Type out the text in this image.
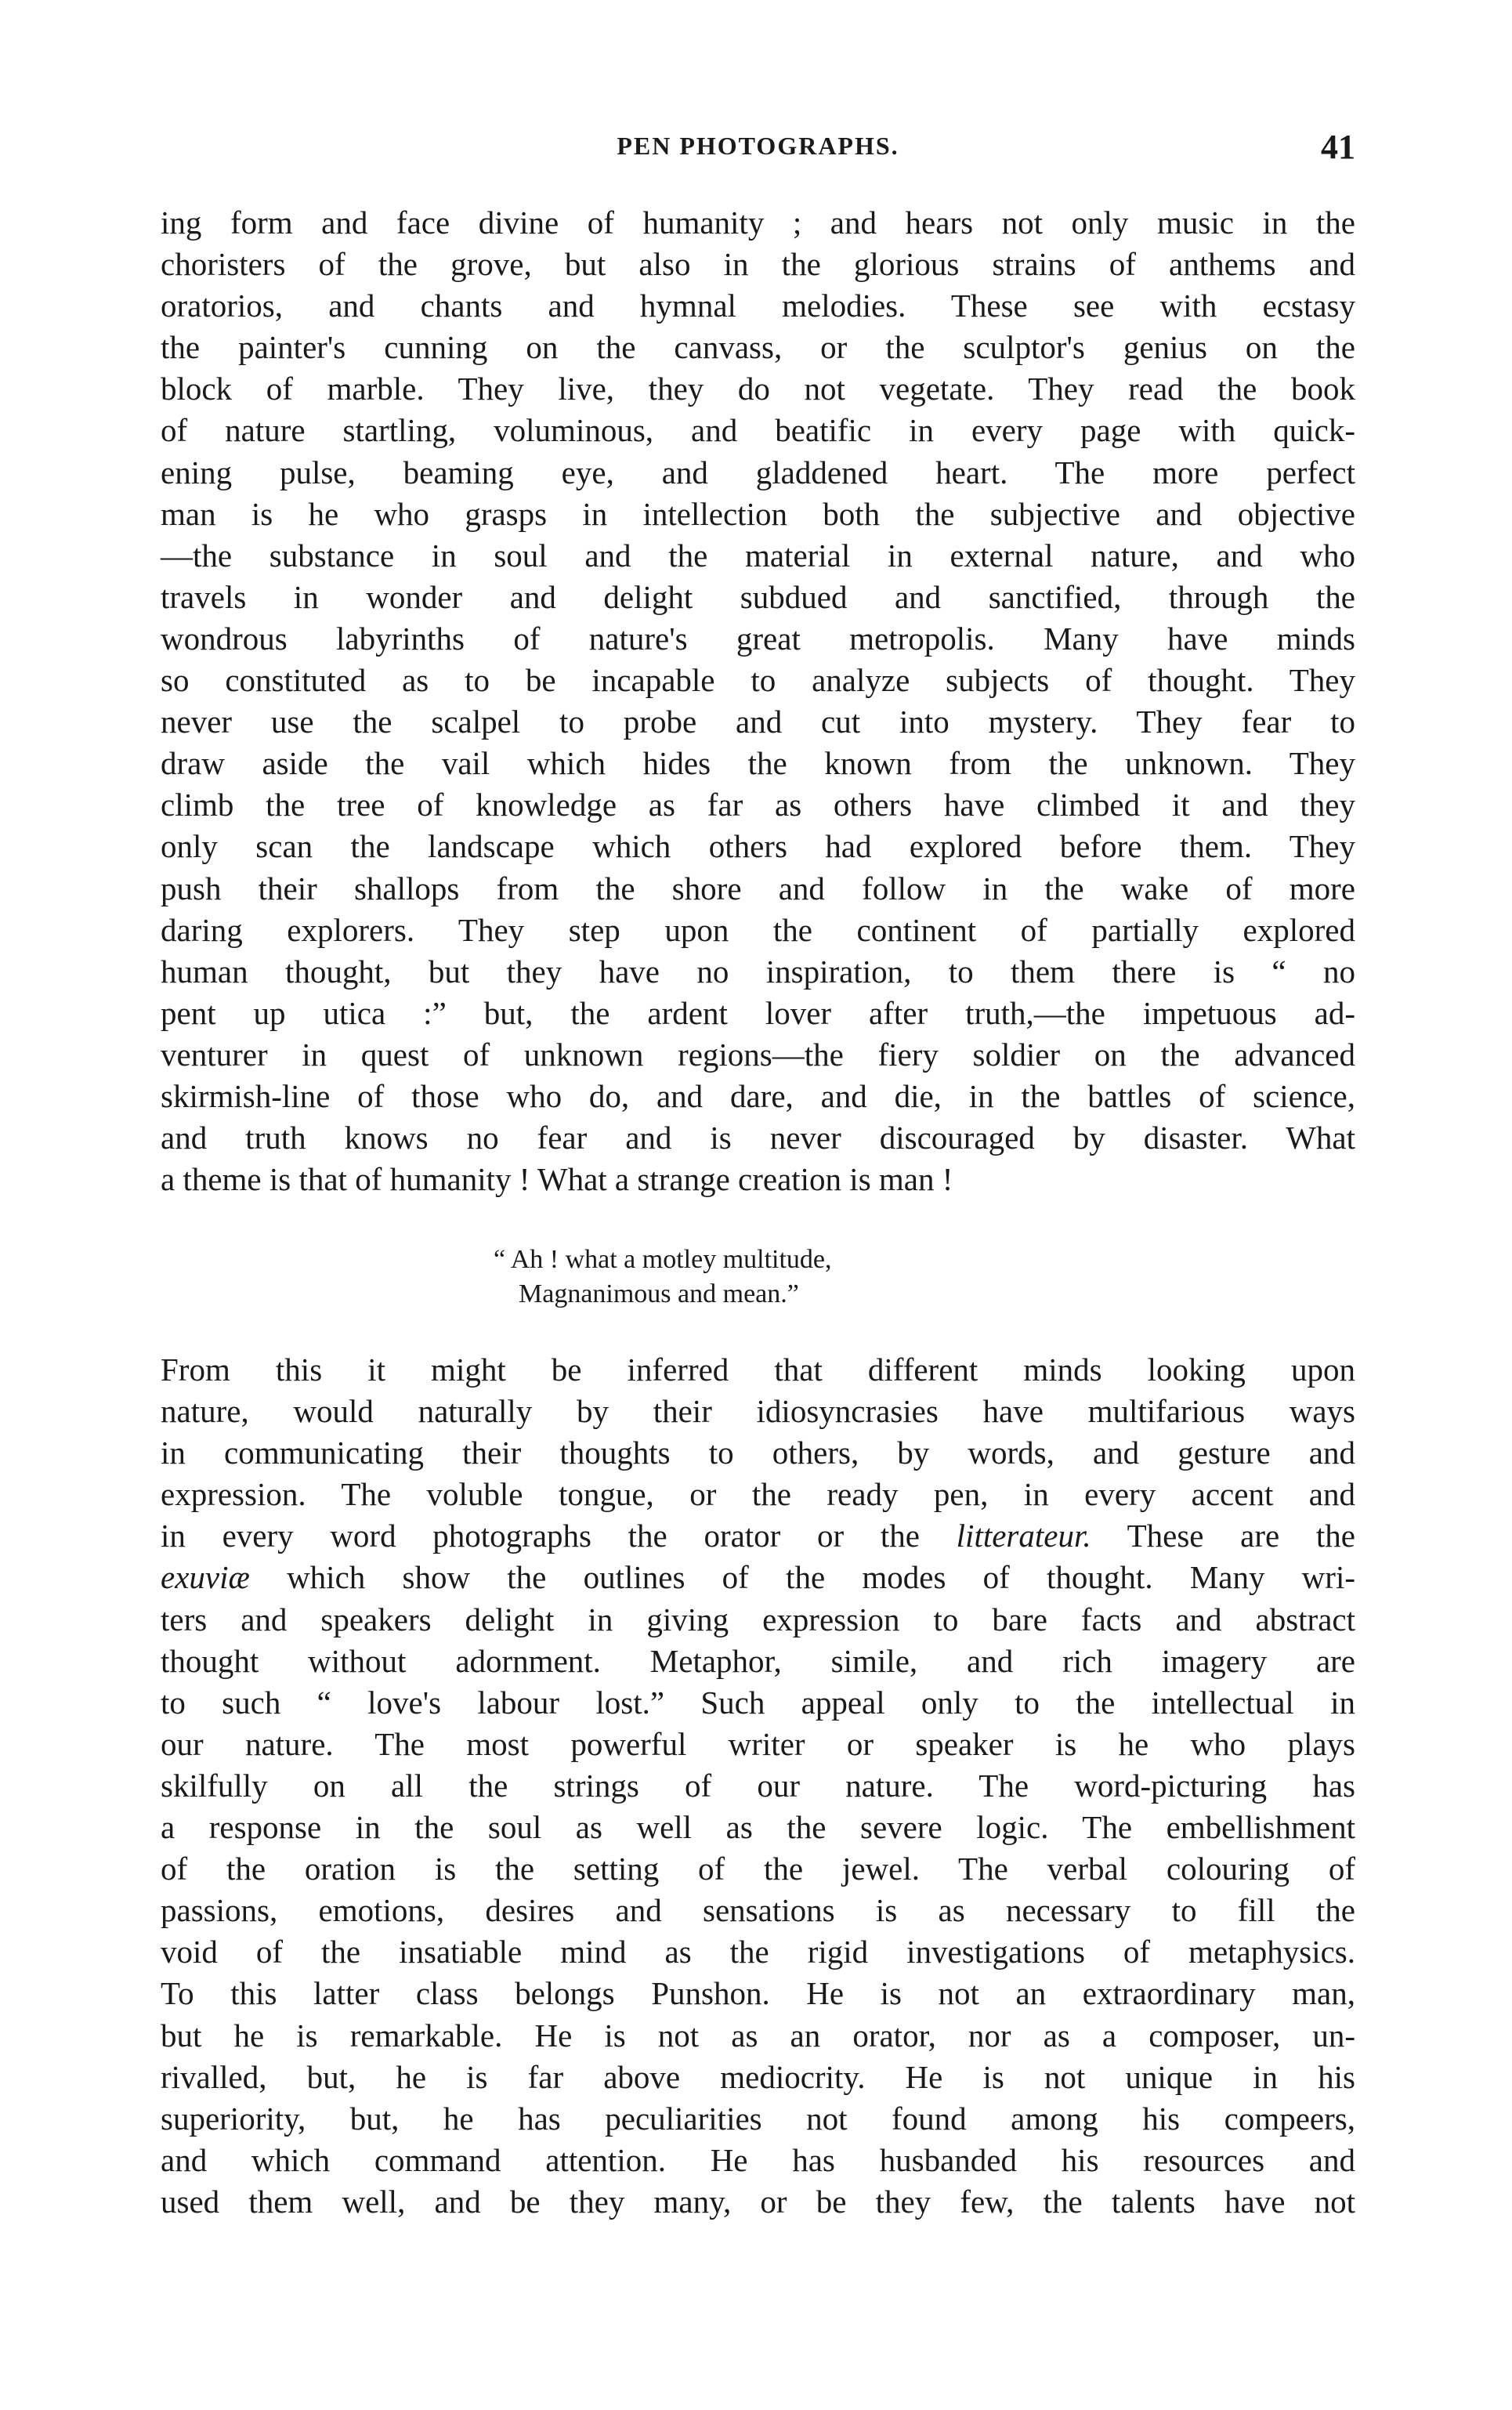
PEN PHOTOGRAPHS.	41
ing form and face divine of humanity ; and hears not only music in the
choristers of the grove, but also in the glorious strains of anthems and
oratorios, and chants and hymnal melodies. These see with ecstasy
the painter's cunning on the canvass, or the sculptor's genius on the
block of marble. They live, they do not vegetate. They read the book
of nature startling, voluminous, and beatific in every page with quick-
ening pulse, beaming eye, and gladdened heart. The more perfect
man is he who grasps in intellection both the subjective and objective
—the substance in soul and the material in external nature, and who
travels in wonder and delight subdued and sanctified, through the
wondrous labyrinths of nature's great metropolis. Many have minds
so constituted as to be incapable to analyze subjects of thought. They
never use the scalpel to probe and cut into mystery. They fear to
draw aside the vail which hides the known from the unknown. They
climb the tree of knowledge as far as others have climbed it and they
only scan the landscape which others had explored before them. They
push their shallops from the shore and follow in the wake of more
daring explorers. They step upon the continent of partially explored
human thought, but they have no inspiration, to them there is “ no
pent up utica :” but, the ardent lover after truth,—the impetuous ad-
venturer in quest of unknown regions—the fiery soldier on the advanced
skirmish-line of those who do, and dare, and die, in the battles of science,
and truth knows no fear and is never discouraged by disaster. What
a theme is that of humanity ! What a strange creation is man !
“ Ah ! what a motley multitude,
Magnanimous and mean.”
From this it might be inferred that different minds looking upon
nature, would naturally by their idiosyncrasies have multifarious ways
in communicating their thoughts to others, by words, and gesture and
expression. The voluble tongue, or the ready pen, in every accent and
in every word photographs the orator or the litterateur. These are the
exuviæ which show the outlines of the modes of thought. Many wri-
ters and speakers delight in giving expression to bare facts and abstract
thought without adornment. Metaphor, simile, and rich imagery are
to such “ love's labour lost.” Such appeal only to the intellectual in
our nature. The most powerful writer or speaker is he who plays
skilfully on all the strings of our nature. The word-picturing has
a response in the soul as well as the severe logic. The embellishment
of the oration is the setting of the jewel. The verbal colouring of
passions, emotions, desires and sensations is as necessary to fill the
void of the insatiable mind as the rigid investigations of metaphysics.
To this latter class belongs Punshon. He is not an extraordinary man,
but he is remarkable. He is not as an orator, nor as a composer, un-
rivalled, but, he is far above mediocrity. He is not unique in his
superiority, but, he has peculiarities not found among his compeers,
and which command attention. He has husbanded his resources and
used them well, and be they many, or be they few, the talents have not
